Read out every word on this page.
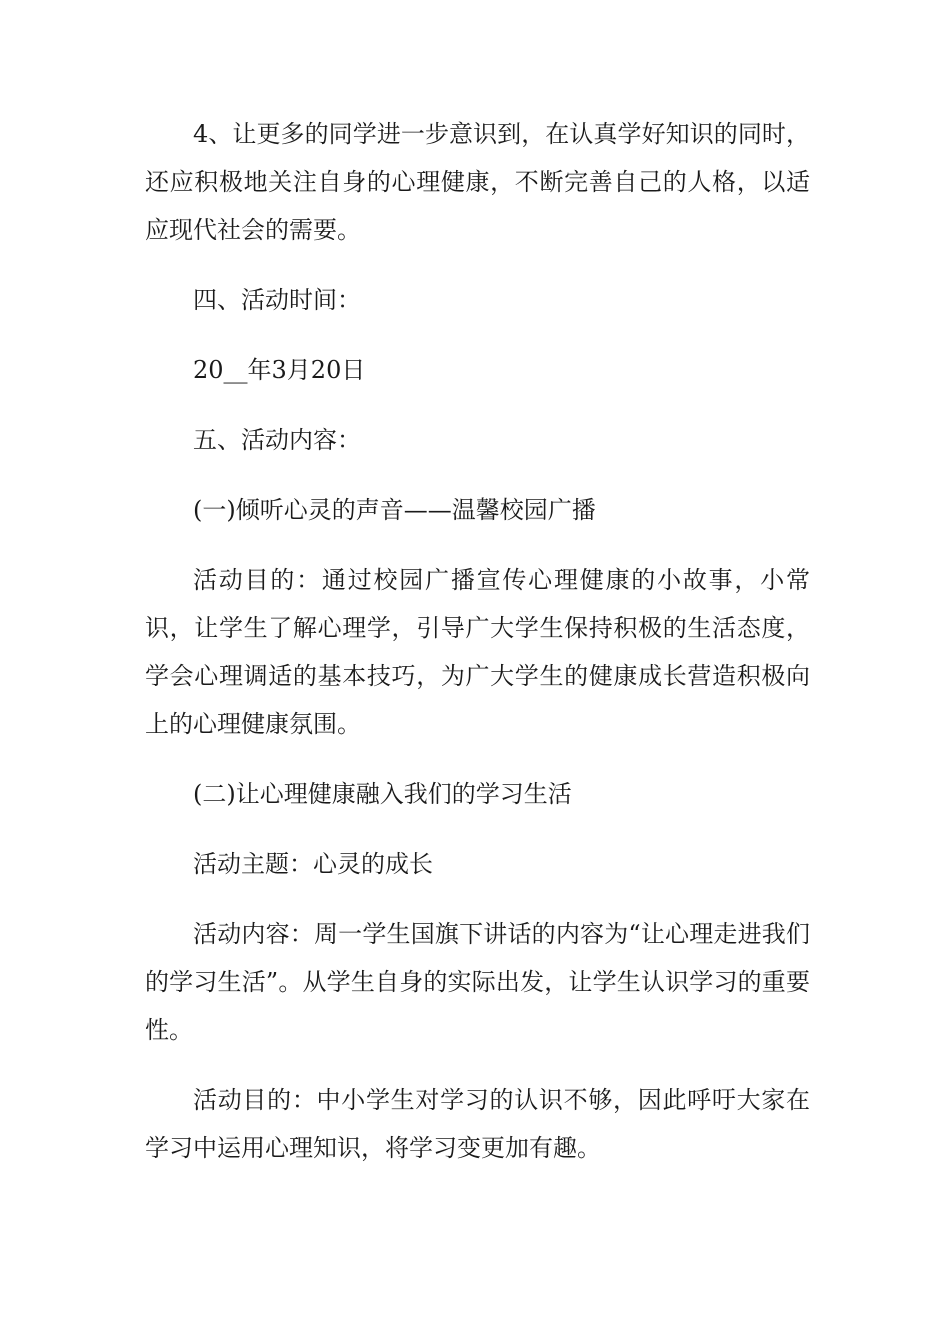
4、让更多的同学进一步意识到，在认真学好知识的同时，还应积极地关注自身的心理健康，不断完善自己的人格，以适应现代社会的需要。

四、活动时间：

20__年3月20日

五、活动内容：

(一)倾听心灵的声音——温馨校园广播

活动目的：通过校园广播宣传心理健康的小故事，小常识，让学生了解心理学，引导广大学生保持积极的生活态度，学会心理调适的基本技巧，为广大学生的健康成长营造积极向上的心理健康氛围。

(二)让心理健康融入我们的学习生活

活动主题：心灵的成长

活动内容：周一学生国旗下讲话的内容为“让心理走进我们的学习生活”。从学生自身的实际出发，让学生认识学习的重要性。

活动目的：中小学生对学习的认识不够，因此呼吁大家在学习中运用心理知识，将学习变更加有趣。
